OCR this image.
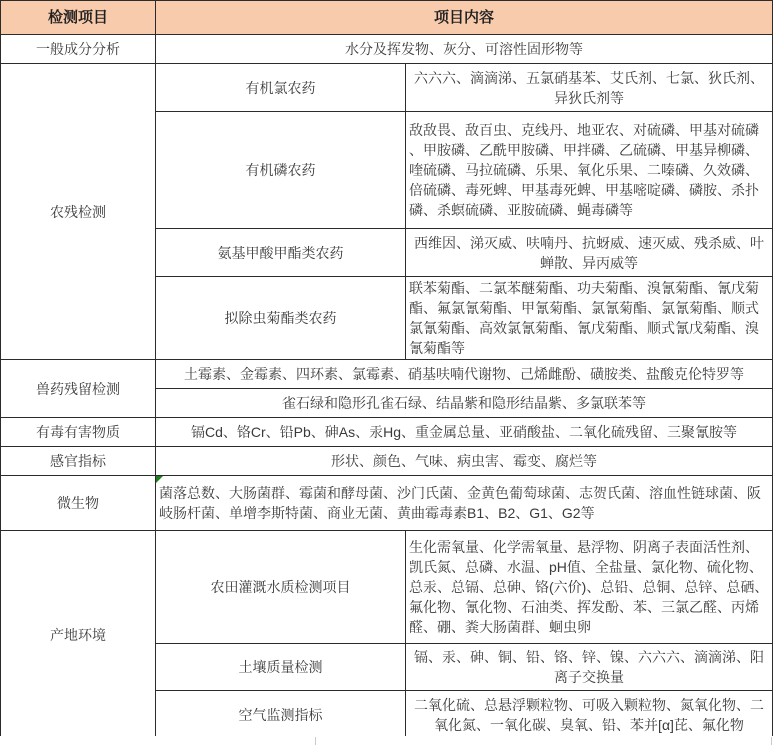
检测项目	项目内容	
一般成分分析	水分及挥发物、灰分、可溶性固形物等	
农残检测	有机氯农药	六六六、滴滴涕、五氯硝基苯、艾氏剂、七氯、狄氏剂、异狄氏剂等
	有机磷农药	敌敌畏、敌百虫、克线丹、地亚农、对硫磷、甲基对硫磷、甲胺磷、乙酰甲胺磷、甲拌磷、乙硫磷、甲基异柳磷、喹硫磷、马拉硫磷、乐果、氧化乐果、二嗪磷、久效磷、倍硫磷、毒死蜱、甲基毒死蜱、甲基嘧啶磷、磷胺、杀扑磷、杀螟硫磷、亚胺硫磷、蝇毒磷等
	氨基甲酸甲酯类农药	西维因、涕灭威、呋喃丹、抗蚜威、速灭威、残杀威、叶蝉散、异丙威等
	拟除虫菊酯类农药	联苯菊酯、二氯苯醚菊酯、功夫菊酯、溴氰菊酯、氰戊菊酯、氟氯氰菊酯、甲氰菊酯、氯氰菊酯、氯氰菊酯、顺式氯氰菊酯、高效氯氰菊酯、氰戊菊酯、顺式氰戊菊酯、溴氰菊酯等
兽药残留检测	土霉素、金霉素、四环素、氯霉素、硝基呋喃代谢物、己烯雌酚、磺胺类、盐酸克伦特罗等	
	雀石绿和隐形孔雀石绿、结晶紫和隐形结晶紫、多氯联苯等	
有毒有害物质	镉Cd、铬Cr、铅Pb、砷As、汞Hg、重金属总量、亚硝酸盐、二氧化硫残留、三聚氰胺等	
感官指标	形状、颜色、气味、病虫害、霉变、腐烂等	
微生物	菌落总数、大肠菌群、霉菌和酵母菌、沙门氏菌、金黄色葡萄球菌、志贺氏菌、溶血性链球菌、阪岐肠杆菌、单增李斯特菌、商业无菌、黄曲霉毒素B1、B2、G1、G2等	
产地环境	农田灌溉水质检测项目	生化需氧量、化学需氧量、悬浮物、阴离子表面活性剂、凯氏氮、总磷、水温、pH值、全盐量、氯化物、硫化物、总汞、总镉、总砷、铬(六价)、总铅、总铜、总锌、总硒、氟化物、氰化物、石油类、挥发酚、苯、三氯乙醛、丙烯醛、硼、粪大肠菌群、蛔虫卵
	土壤质量检测	镉、汞、砷、铜、铅、铬、锌、镍、六六六、滴滴涕、阳离子交换量
	空气监测指标	二氧化硫、总悬浮颗粒物、可吸入颗粒物、氮氧化物、二氧化氮、一氧化碳、臭氧、铅、苯并[α]芘、氟化物
